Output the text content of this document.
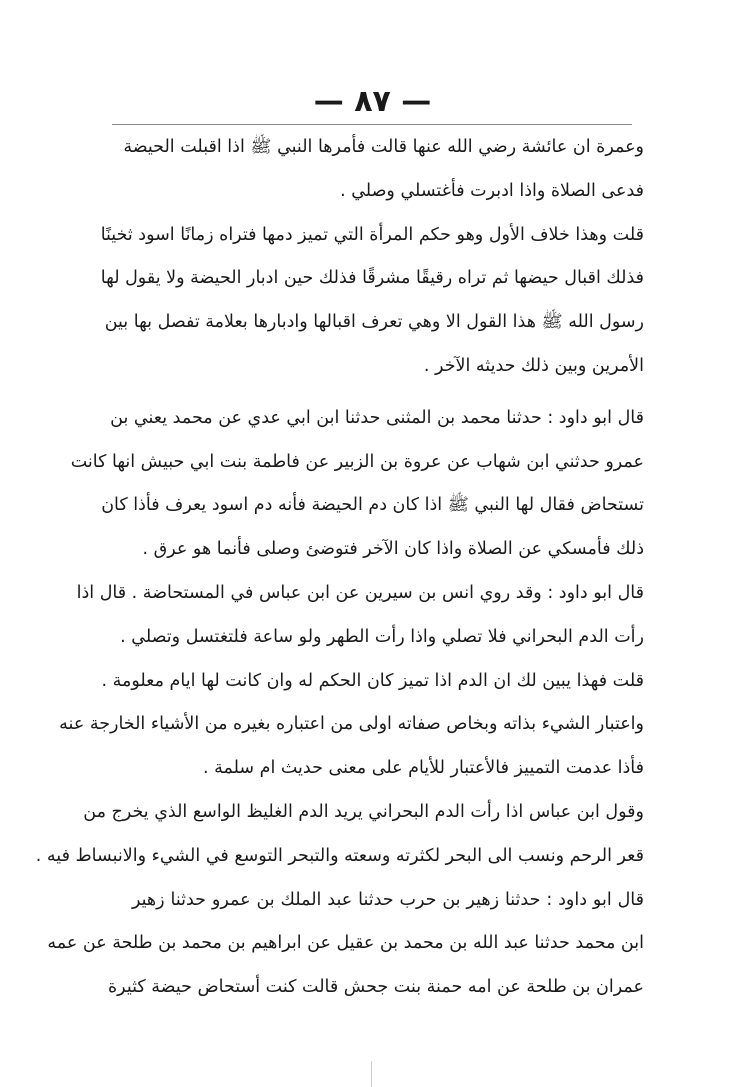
— ٨٧ —
وعمرة ان عائشة رضي الله عنها قالت فأمرها النبي ﷺ اذا اقبلت الحيضة
فدعى الصلاة واذا ادبرت فأغتسلي وصلي .
قلت وهذا خلاف الأول وهو حكم المرأة التي تميز دمها فتراه زمانًا اسود ثخينًا
فذلك اقبال حيضها ثم تراه رقيقًا مشرقًا فذلك حين ادبار الحيضة ولا يقول لها
رسول الله ﷺ هذا القول الا وهي تعرف اقبالها وادبارها بعلامة تفصل بها بين
الأمرين وبين ذلك حديثه الآخر .
قال ابو داود : حدثنا محمد بن المثنى حدثنا ابن ابي عدي عن محمد يعني بن
عمرو حدثني ابن شهاب عن عروة بن الزبير عن فاطمة بنت ابي حبيش انها كانت
تستحاض فقال لها النبي ﷺ اذا كان دم الحيضة فأنه دم اسود يعرف فأذا كان
ذلك فأمسكي عن الصلاة واذا كان الآخر فتوضئ وصلى فأنما هو عرق .
قال ابو داود : وقد روي انس بن سيرين عن ابن عباس في المستحاضة . قال اذا
رأت الدم البحراني فلا تصلي واذا رأت الطهر ولو ساعة فلتغتسل وتصلي .
قلت فهذا يبين لك ان الدم اذا تميز كان الحكم له وان كانت لها ايام معلومة .
واعتبار الشيء بذاته وبخاص صفاته اولى من اعتباره بغيره من الأشياء الخارجة عنه
فأذا عدمت التمييز فالأعتبار للأيام على معنى حديث ام سلمة .
وقول ابن عباس اذا رأت الدم البحراني يريد الدم الغليظ الواسع الذي يخرج من
قعر الرحم ونسب الى البحر لكثرته وسعته والتبحر التوسع في الشيء والانبساط فيه .
قال ابو داود : حدثنا زهير بن حرب حدثنا عبد الملك بن عمرو حدثنا زهير
ابن محمد حدثنا عبد الله بن محمد بن عقيل عن ابراهيم بن محمد بن طلحة عن عمه
عمران بن طلحة عن امه حمنة بنت جحش قالت كنت أستحاض حيضة كثيرة
